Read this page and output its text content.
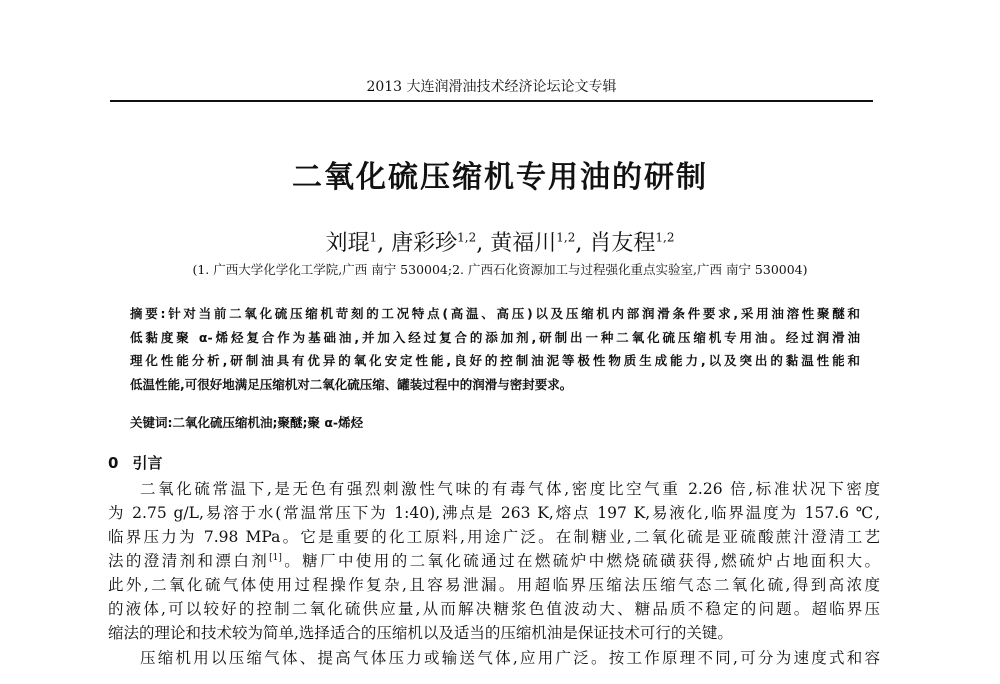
2013 大连润滑油技术经济论坛论文专辑
二氧化硫压缩机专用油的研制
刘琨$^1$, 唐彩珍$^{1,2}$, 黄福川$^{1,2}$, 肖友程$^{1,2}$
(1. 广西大学化学化工学院,广西 南宁 530004;2. 广西石化资源加工与过程强化重点实验室,广西 南宁 530004)
摘要:针对当前二氧化硫压缩机苛刻的工况特点(高温、高压)以及压缩机内部润滑条件要求,采用油溶性聚醚和
低黏度聚 α-烯烃复合作为基础油,并加入经过复合的添加剂,研制出一种二氧化硫压缩机专用油。经过润滑油
理化性能分析,研制油具有优异的氧化安定性能,良好的控制油泥等极性物质生成能力,以及突出的黏温性能和
低温性能,可很好地满足压缩机对二氧化硫压缩、罐装过程中的润滑与密封要求。
关键词:二氧化硫压缩机油;聚醚;聚 α-烯烃
0 引言
二氧化硫常温下,是无色有强烈刺激性气味的有毒气体,密度比空气重 2.26 倍,标准状况下密度
为 2.75 g/L,易溶于水(常温常压下为 1:40),沸点是 263 K,熔点 197 K,易液化,临界温度为 157.6 ℃,
临界压力为 7.98 MPa。它是重要的化工原料,用途广泛。在制糖业,二氧化硫是亚硫酸蔗汁澄清工艺
法的澄清剂和漂白剂[1]。糖厂中使用的二氧化硫通过在燃硫炉中燃烧硫磺获得,燃硫炉占地面积大。
此外,二氧化硫气体使用过程操作复杂,且容易泄漏。用超临界压缩法压缩气态二氧化硫,得到高浓度
的液体,可以较好的控制二氧化硫供应量,从而解决糖浆色值波动大、糖品质不稳定的问题。超临界压
缩法的理论和技术较为简单,选择适合的压缩机以及适当的压缩机油是保证技术可行的关键。
压缩机用以压缩气体、提高气体压力或输送气体,应用广泛。按工作原理不同,可分为速度式和容
